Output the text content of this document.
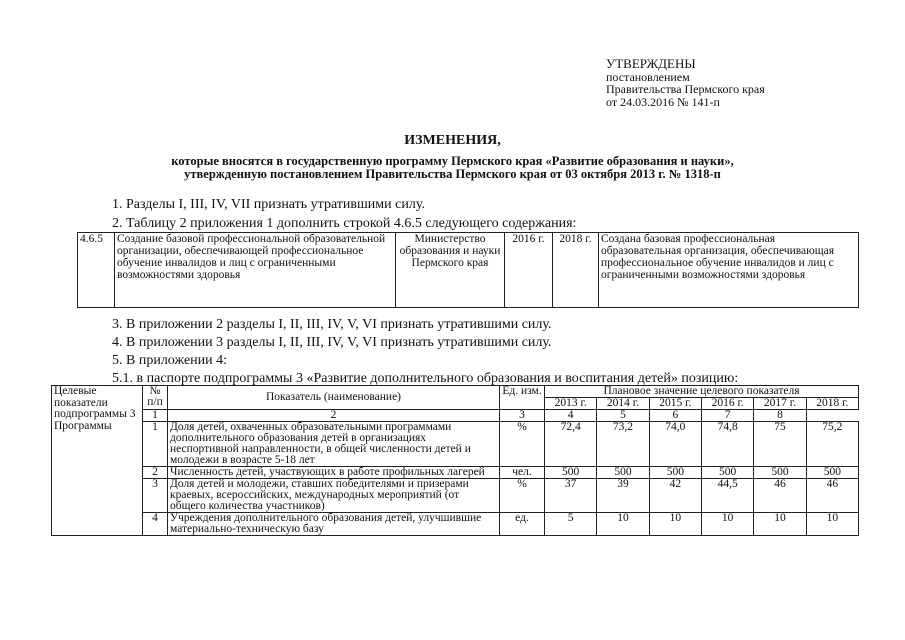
УТВЕРЖДЕНЫ
постановлением
Правительства Пермского края
от 24.03.2016 № 141-п
ИЗМЕНЕНИЯ,
которые вносятся в государственную программу Пермского края «Развитие образования и науки»,
утвержденную постановлением Правительства Пермского края от 03 октября 2013 г. № 1318-п
1. Разделы I, III, IV, VII признать утратившими силу.
2. Таблицу 2 приложения 1 дополнить строкой 4.6.5 следующего содержания:
4.6.5	Создание базовой профессиональной образовательной организации, обеспечивающей профессиональное обучение инвалидов и лиц с ограниченными возможностями здоровья	Министерство образования и науки Пермского края	2016 г.	2018 г.	Создана базовая профессиональная образовательная организация, обеспечивающая профессиональное обучение инвалидов и лиц с ограниченными возможностями здоровья
3. В приложении 2 разделы I, II, III, IV, V, VI признать утратившими силу.
4. В приложении 3 разделы I, II, III, IV, V, VI признать утратившими силу.
5. В приложении 4:
5.1. в паспорте подпрограммы 3 «Развитие дополнительного образования и воспитания детей» позицию:
Целевые показатели подпрограммы 3 Программы	№ п/п	Показатель (наименование)	Ед. изм.	Плановое значение целевого показателя					
				2013 г.	2014 г.	2015 г.	2016 г.	2017 г.	2018 г.
	1	2	3	4	5	6	7	8	
	1	Доля детей, охваченных образовательными программами дополнительного образования детей в организациях неспортивной направленности, в общей численности детей и молодежи в возрасте 5-18 лет	%	72,4	73,2	74,0	74,8	75	75,2
	2	Численность детей, участвующих в работе профильных лагерей	чел.	500	500	500	500	500	500
	3	Доля детей и молодежи, ставших победителями и призерами краевых, всероссийских, международных мероприятий (от общего количества участников)	%	37	39	42	44,5	46	46
	4	Учреждения дополнительного образования детей, улучшившие материально-техническую базу	ед.	5	10	10	10	10	10
